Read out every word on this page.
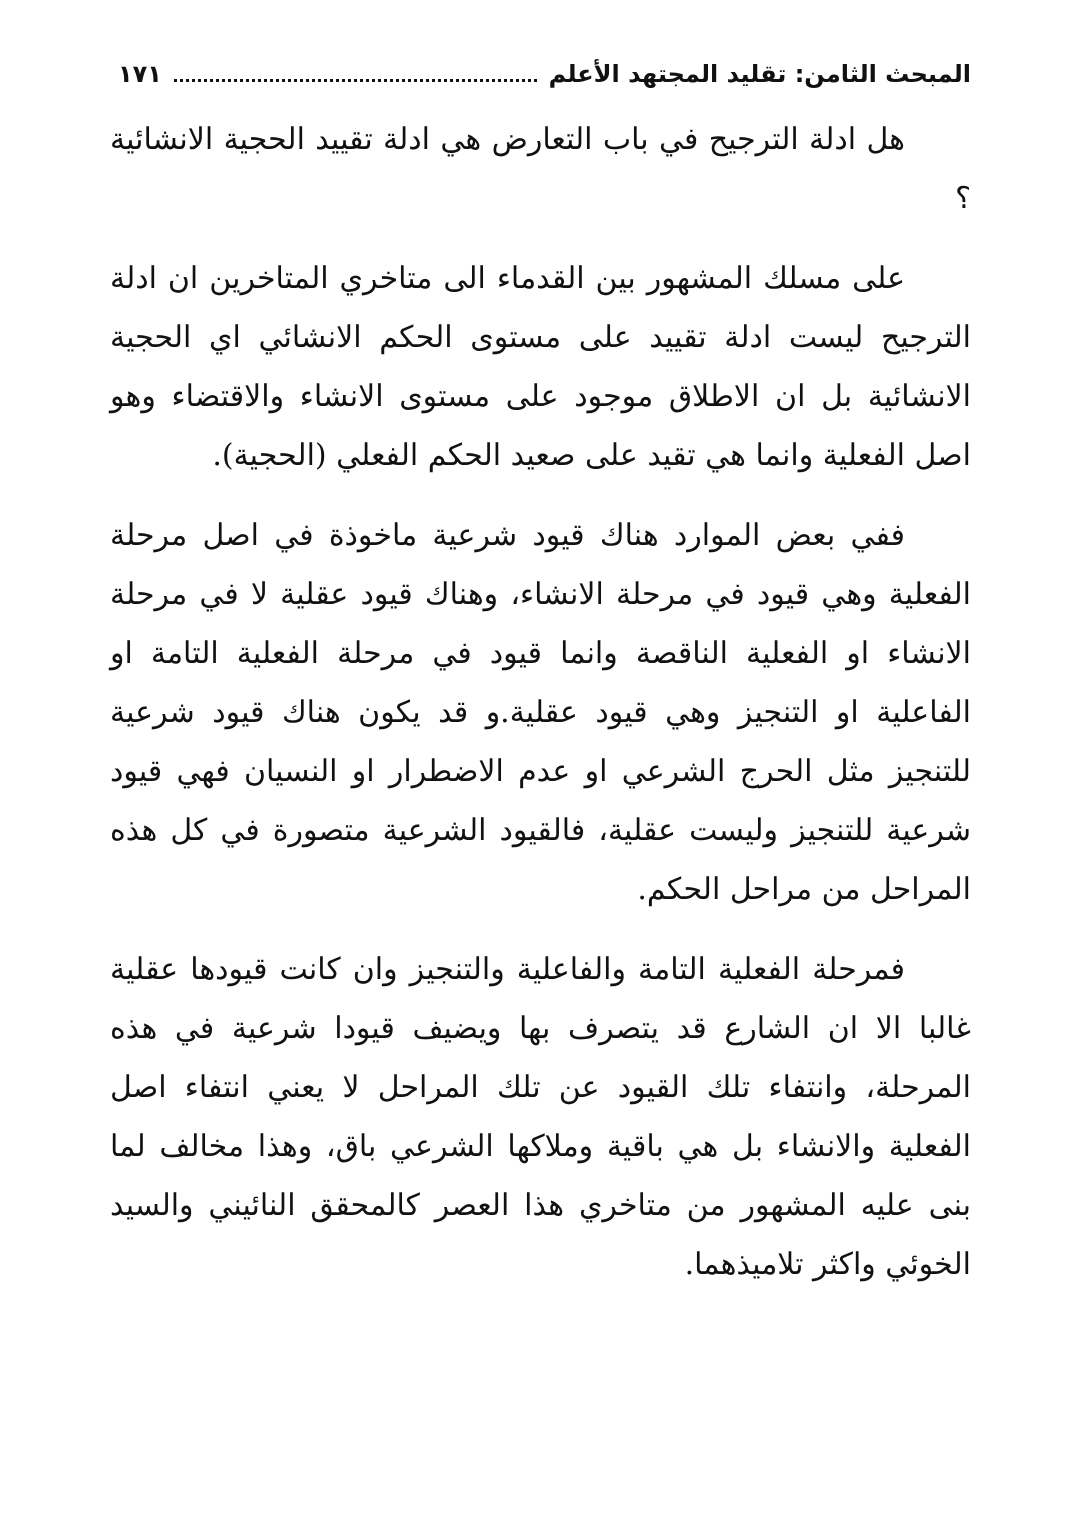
المبحث الثامن: تقليد المجتهد الأعلم
١٧١

هل ادلة الترجيح في باب التعارض هي ادلة تقييد الحجية الانشائية ؟

على مسلك المشهور بين القدماء الى متاخري المتاخرين ان ادلة الترجيح ليست ادلة تقييد على مستوى الحكم الانشائي اي الحجية الانشائية بل ان الاطلاق موجود على مستوى الانشاء والاقتضاء وهو اصل الفعلية وانما هي تقيد على صعيد الحكم الفعلي (الحجية).

ففي بعض الموارد هناك قيود شرعية ماخوذة في اصل مرحلة الفعلية وهي قيود في مرحلة الانشاء، وهناك قيود عقلية لا في مرحلة الانشاء او الفعلية الناقصة وانما قيود في مرحلة الفعلية التامة او الفاعلية او التنجيز وهي قيود عقلية.و قد يكون هناك قيود شرعية للتنجيز مثل الحرج الشرعي او عدم الاضطرار او النسيان فهي قيود شرعية للتنجيز وليست عقلية، فالقيود الشرعية متصورة في كل هذه المراحل من مراحل الحكم.

فمرحلة الفعلية التامة والفاعلية والتنجيز وان كانت قيودها عقلية غالبا الا ان الشارع قد يتصرف بها ويضيف قيودا شرعية في هذه المرحلة، وانتفاء تلك القيود عن تلك المراحل لا يعني انتفاء اصل الفعلية والانشاء بل هي باقية وملاكها الشرعي باق، وهذا مخالف لما بنى عليه المشهور من متاخري هذا العصر كالمحقق النائيني والسيد الخوئي واكثر تلاميذهما.
